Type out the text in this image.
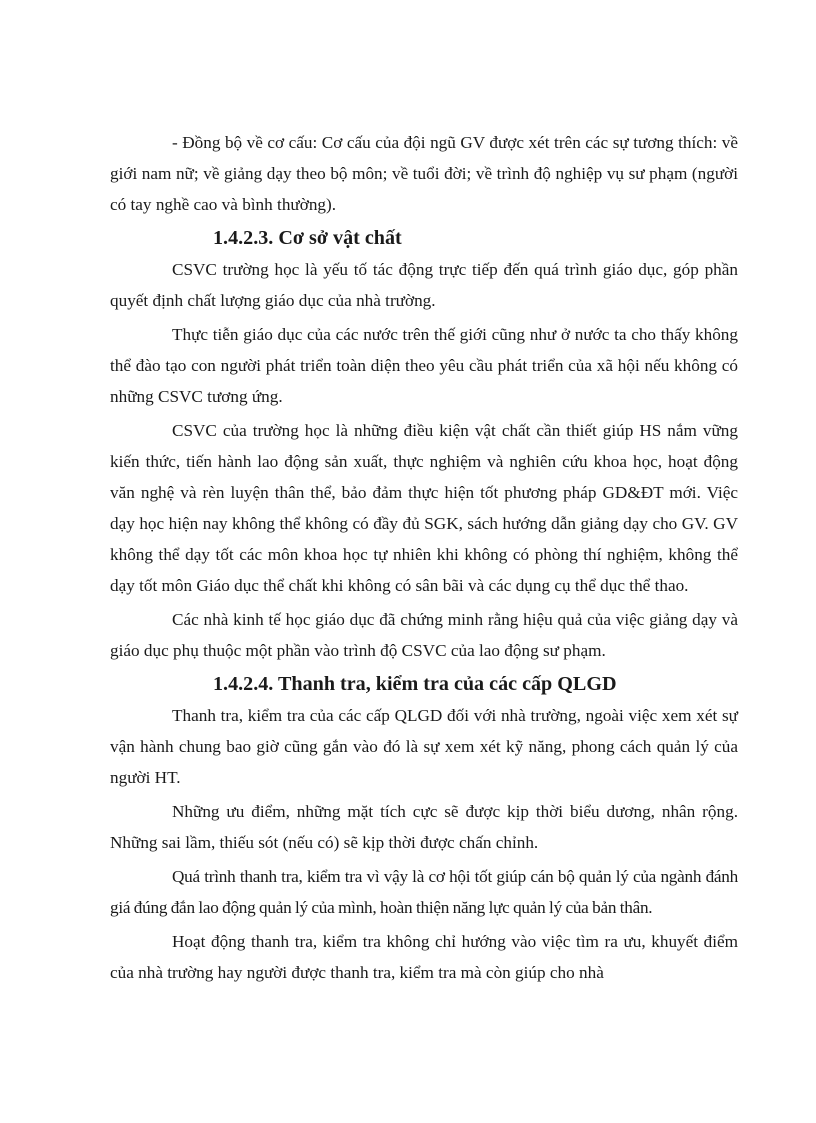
- Đồng bộ về cơ cấu: Cơ cấu của đội ngũ GV được xét trên các sự tương thích: về giới nam nữ; về giảng dạy theo bộ môn; về tuổi đời; về trình độ nghiệp vụ sư phạm (người có tay nghề cao và bình thường).

1.4.2.3. Cơ sở vật chất

CSVC trường học là yếu tố tác động trực tiếp đến quá trình giáo dục, góp phần quyết định chất lượng giáo dục của nhà trường.

Thực tiễn giáo dục của các nước trên thế giới cũng như ở nước ta cho thấy không thể đào tạo con người phát triển toàn diện theo yêu cầu phát triển của xã hội nếu không có những CSVC tương ứng.

CSVC của trường học là những điều kiện vật chất cần thiết giúp HS nắm vững kiến thức, tiến hành lao động sản xuất, thực nghiệm và nghiên cứu khoa học, hoạt động văn nghệ và rèn luyện thân thể, bảo đảm thực hiện tốt phương pháp GD&ĐT mới. Việc dạy học hiện nay không thể không có đầy đủ SGK, sách hướng dẫn giảng dạy cho GV. GV không thể dạy tốt các môn khoa học tự nhiên khi không có phòng thí nghiệm, không thể dạy tốt môn Giáo dục thể chất khi không có sân bãi và các dụng cụ thể dục thể thao.

Các nhà kinh tế học giáo dục đã chứng minh rằng hiệu quả của việc giảng dạy và giáo dục phụ thuộc một phần vào trình độ CSVC của lao động sư phạm.

1.4.2.4. Thanh tra, kiểm tra của các cấp QLGD

Thanh tra, kiểm tra của các cấp QLGD đối với nhà trường, ngoài việc xem xét sự vận hành chung bao giờ cũng gắn vào đó là sự xem xét kỹ năng, phong cách quản lý của người HT.

Những ưu điểm, những mặt tích cực sẽ được kịp thời biểu dương, nhân rộng. Những sai lầm, thiếu sót (nếu có) sẽ kịp thời được chấn chỉnh.

Quá trình thanh tra, kiểm tra vì vậy là cơ hội tốt giúp cán bộ quản lý của ngành đánh giá đúng đắn lao động quản lý của mình, hoàn thiện năng lực quản lý của bản thân.

Hoạt động thanh tra, kiểm tra không chỉ hướng vào việc tìm ra ưu, khuyết điểm của nhà trường hay người được thanh tra, kiểm tra mà còn giúp cho nhà
